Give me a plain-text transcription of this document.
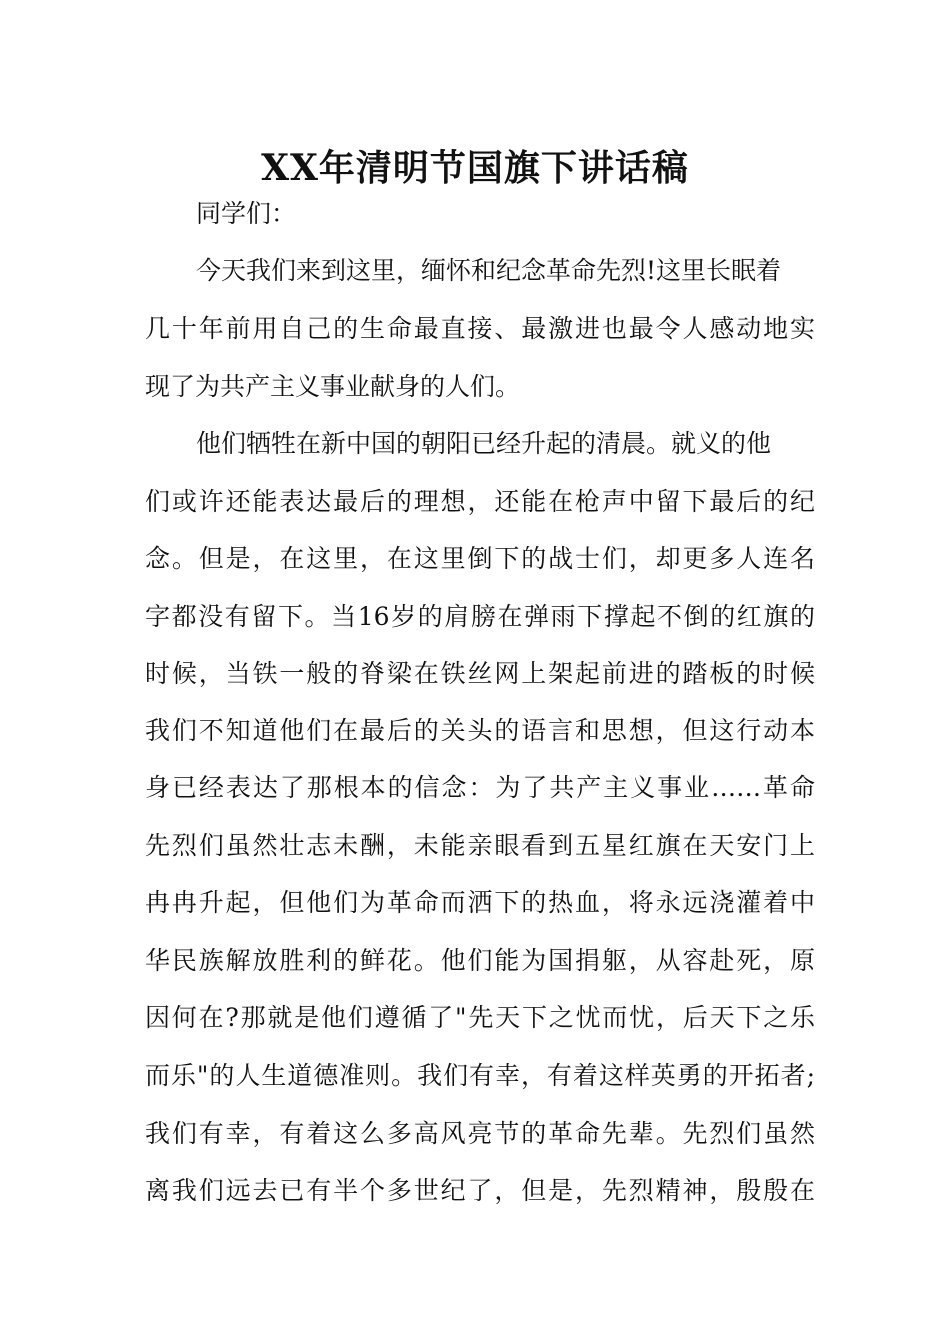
XX年清明节国旗下讲话稿
同学们：
今天我们来到这里，缅怀和纪念革命先烈!这里长眠着
几十年前用自己的生命最直接、最激进也最令人感动地实
现了为共产主义事业献身的人们。
他们牺牲在新中国的朝阳已经升起的清晨。就义的他
们或许还能表达最后的理想，还能在枪声中留下最后的纪
念。但是，在这里，在这里倒下的战士们，却更多人连名
字都没有留下。当16岁的肩膀在弹雨下撑起不倒的红旗的
时候，当铁一般的脊梁在铁丝网上架起前进的踏板的时候
我们不知道他们在最后的关头的语言和思想，但这行动本
身已经表达了那根本的信念：为了共产主义事业……革命
先烈们虽然壮志未酬，未能亲眼看到五星红旗在天安门上
冉冉升起，但他们为革命而洒下的热血，将永远浇灌着中
华民族解放胜利的鲜花。他们能为国捐躯，从容赴死，原
因何在?那就是他们遵循了"先天下之忧而忧，后天下之乐
而乐"的人生道德准则。我们有幸，有着这样英勇的开拓者;
我们有幸，有着这么多高风亮节的革命先辈。先烈们虽然
离我们远去已有半个多世纪了，但是，先烈精神，殷殷在
